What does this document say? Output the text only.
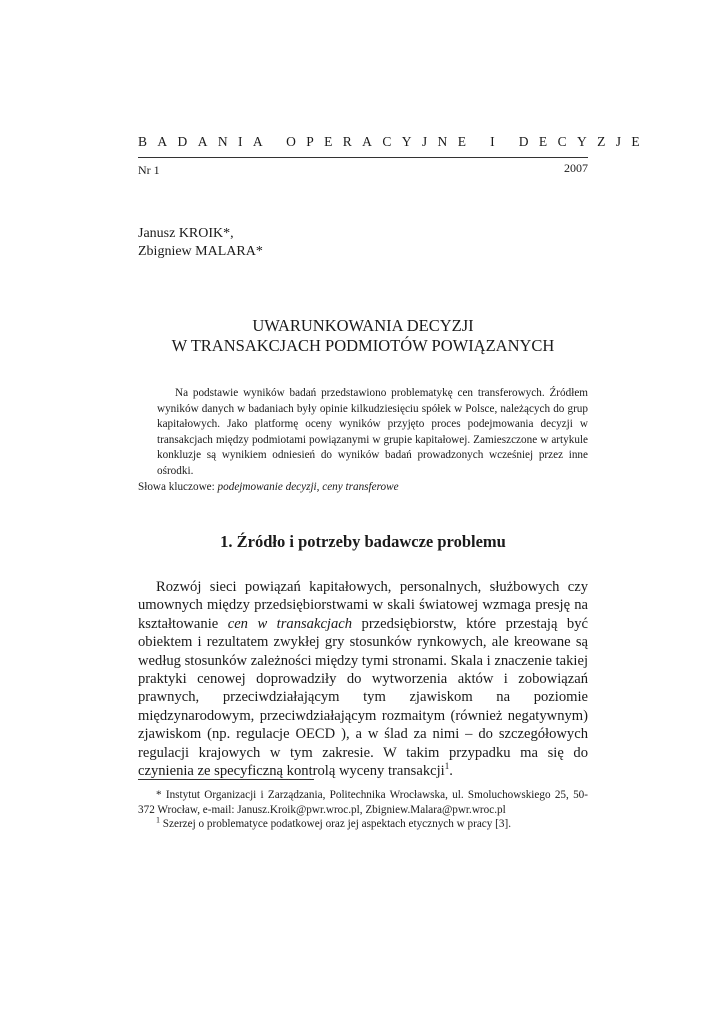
BADANIA OPERACYJNE I DECYZJE
Nr 1	2007
Janusz KROIK*,
Zbigniew MALARA*
UWARUNKOWANIA DECYZJI
W TRANSAKCJACH PODMIOTÓW POWIĄZANYCH

Na podstawie wyników badań przedstawiono problematykę cen transferowych. Źródłem wyników danych w badaniach były opinie kilkudziesięciu spółek w Polsce, należących do grup kapitałowych. Jako platformę oceny wyników przyjęto proces podejmowania decyzji w transakcjach między podmiotami powiązanymi w grupie kapitałowej. Zamieszczone w artykule konkluzje są wynikiem odniesień do wyników badań prowadzonych wcześniej przez inne ośrodki.

Słowa kluczowe: podejmowanie decyzji, ceny transferowe
1. Źródło i potrzeby badawcze problemu

Rozwój sieci powiązań kapitałowych, personalnych, służbowych czy umownych między przedsiębiorstwami w skali światowej wzmaga presję na kształtowanie cen w transakcjach przedsiębiorstw, które przestają być obiektem i rezultatem zwykłej gry stosunków rynkowych, ale kreowane są według stosunków zależności między tymi stronami. Skala i znaczenie takiej praktyki cenowej doprowadziły do wytworzenia aktów i zobowiązań prawnych, przeciwdziałającym tym zjawiskom na poziomie międzynarodowym, przeciwdziałającym rozmaitym (również negatywnym) zjawiskom (np. regulacje OECD ), a w ślad za nimi – do szczegółowych regulacji krajowych w tym zakresie. W takim przypadku ma się do czynienia ze specyficzną kontrolą wyceny transakcji$^1$.

* Instytut Organizacji i Zarządzania, Politechnika Wrocławska, ul. Smoluchowskiego 25, 50-372 Wrocław, e-mail: Janusz.Kroik@pwr.wroc.pl, Zbigniew.Malara@pwr.wroc.pl

$^1$ Szerzej o problematyce podatkowej oraz jej aspektach etycznych w pracy [3].
